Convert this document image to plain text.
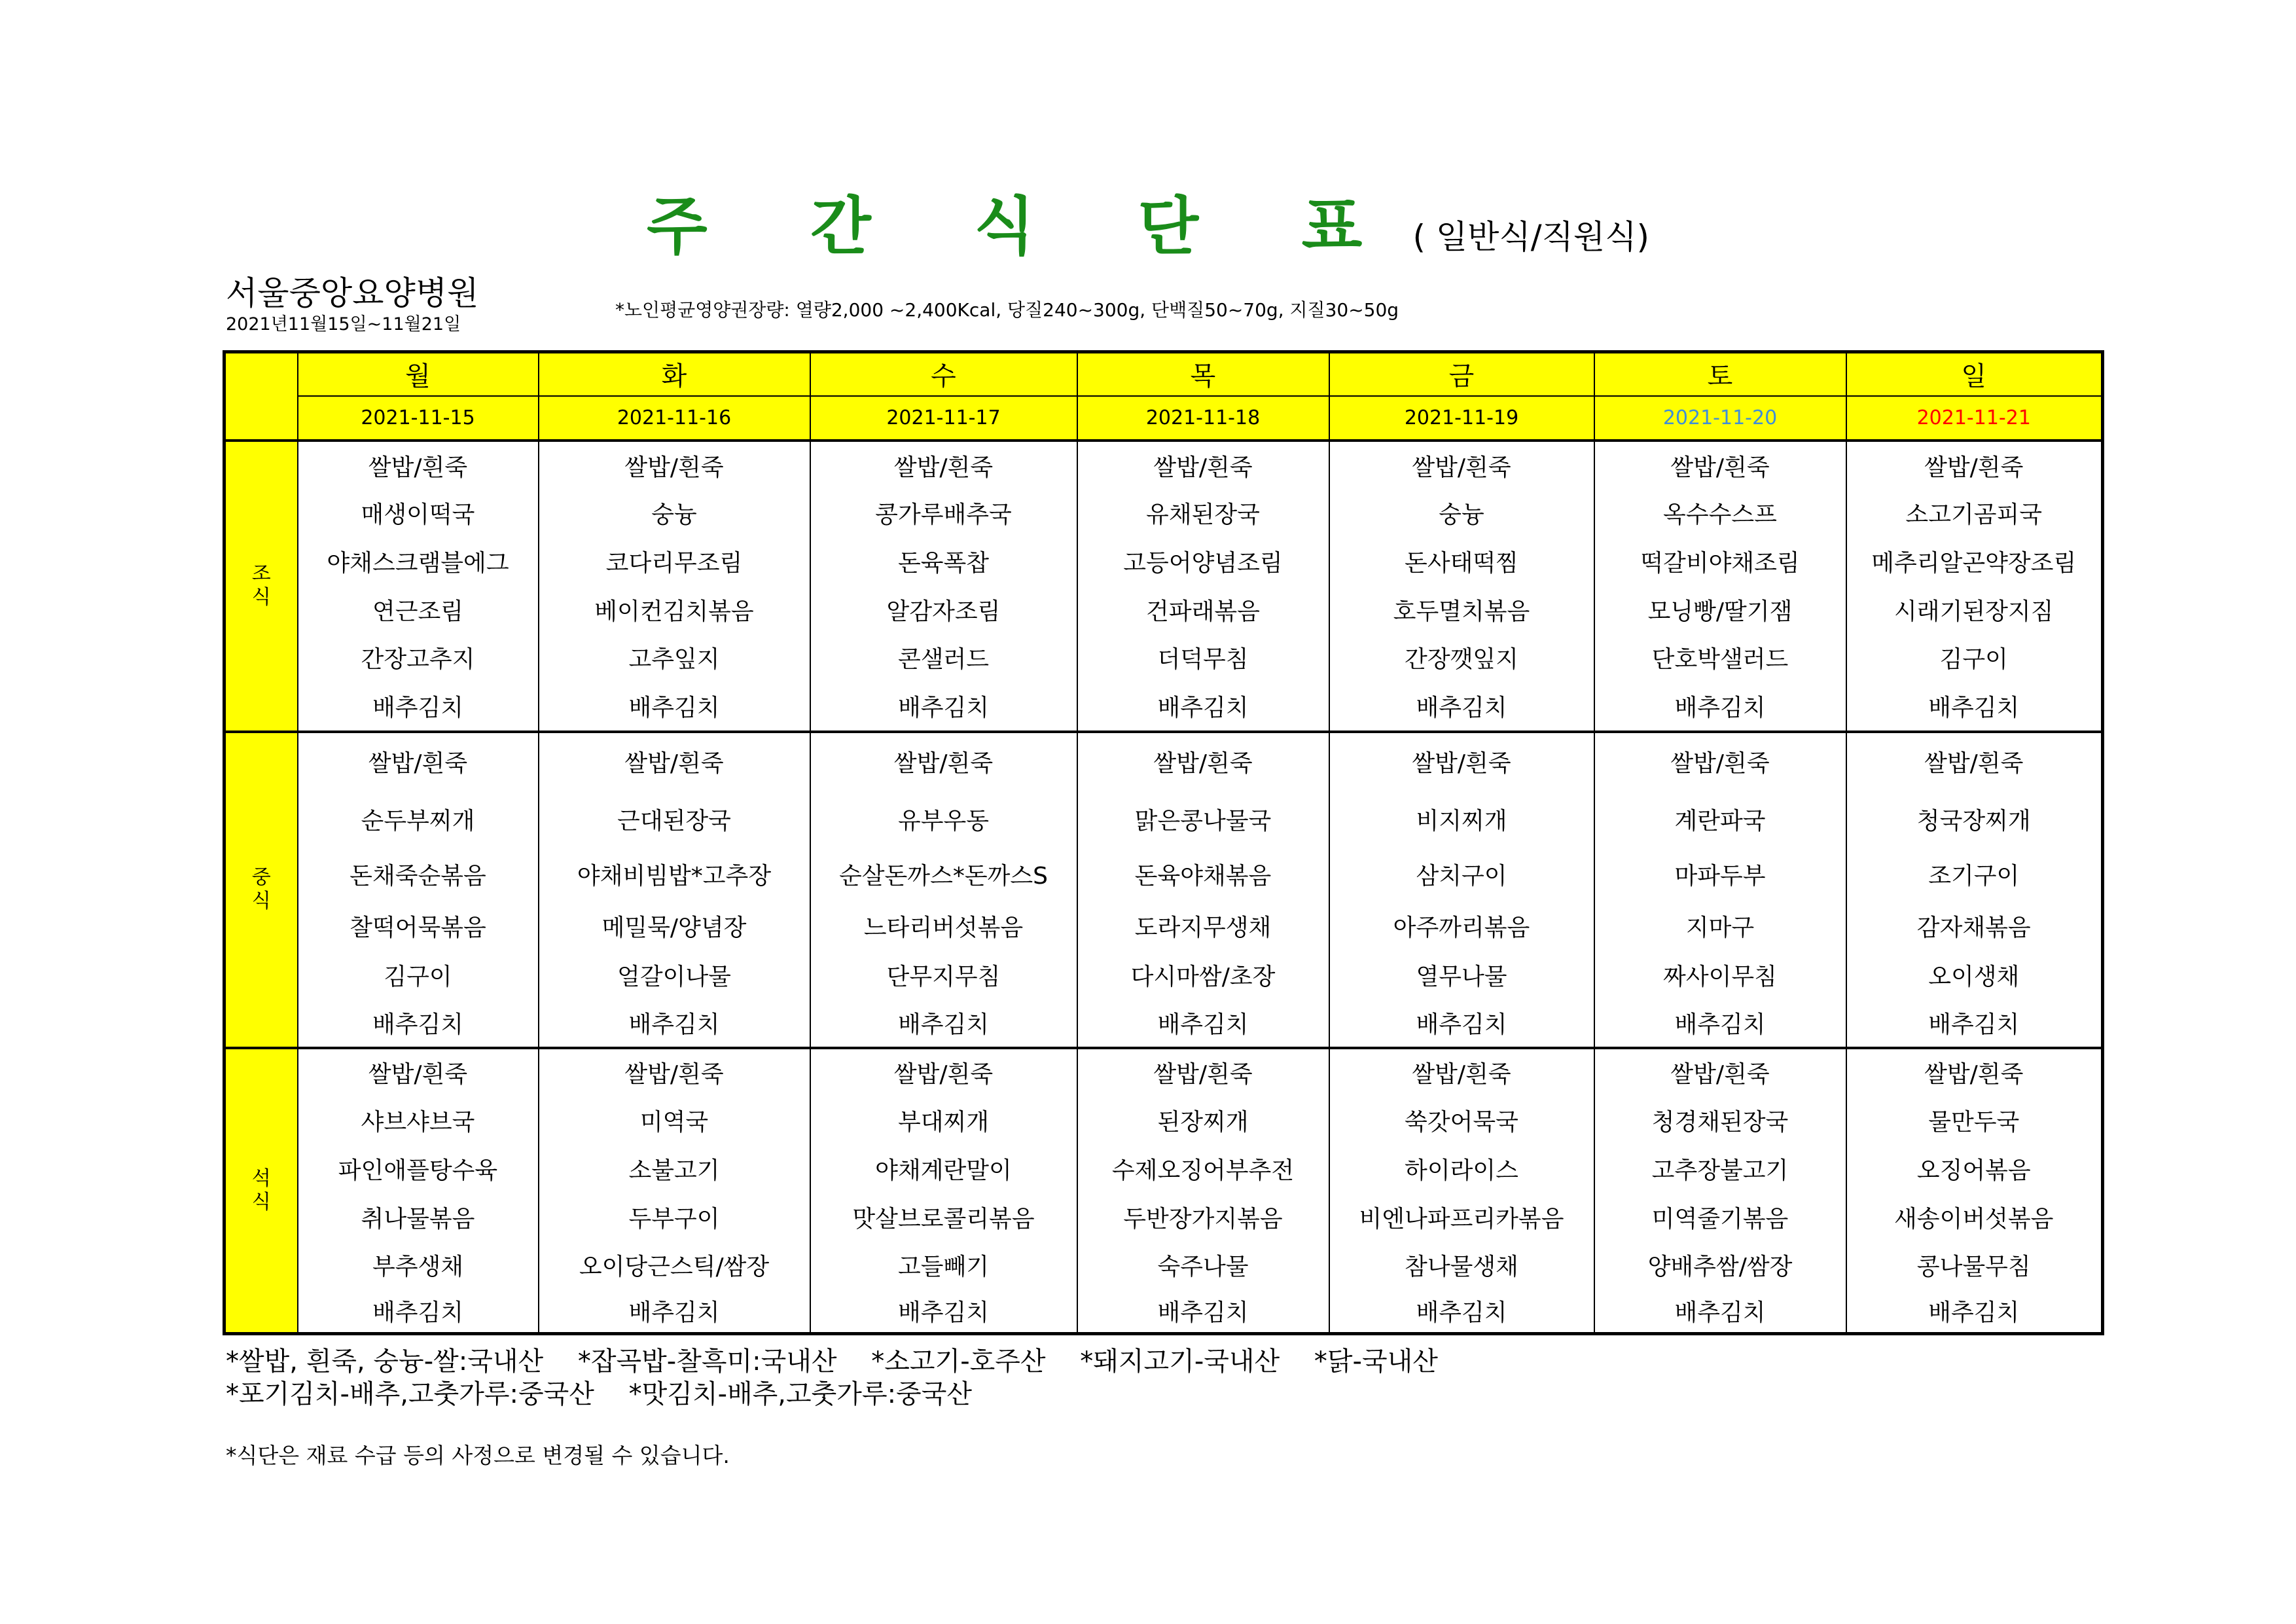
주 간 식 단 표 ( 일반식/직원식)
서울중앙요양병원
2021년11월15일~11월21일
*노인평균영양권장량: 열량2,000 ~2,400Kcal, 당질240~300g, 단백질50~70g, 지질30~50g
	월	화	수	목	금	토	일
	2021-11-15	2021-11-16	2021-11-17	2021-11-18	2021-11-19	2021-11-20	2021-11-21

조
식	쌀밥/흰죽	쌀밥/흰죽	쌀밥/흰죽	쌀밥/흰죽	쌀밥/흰죽	쌀밥/흰죽	쌀밥/흰죽
	매생이떡국	숭늉	콩가루배추국	유채된장국	숭늉	옥수수스프	소고기곰피국
	야채스크램블에그	코다리무조림	돈육폭찹	고등어양념조림	돈사태떡찜	떡갈비야채조림	메추리알곤약장조림
	연근조림	베이컨김치볶음	알감자조림	건파래볶음	호두멸치볶음	모닝빵/딸기잼	시래기된장지짐
	간장고추지	고추잎지	콘샐러드	더덕무침	간장깻잎지	단호박샐러드	김구이
	배추김치	배추김치	배추김치	배추김치	배추김치	배추김치	배추김치

중
식	쌀밥/흰죽	쌀밥/흰죽	쌀밥/흰죽	쌀밥/흰죽	쌀밥/흰죽	쌀밥/흰죽	쌀밥/흰죽
	순두부찌개	근대된장국	유부우동	맑은콩나물국	비지찌개	계란파국	청국장찌개
	돈채죽순볶음	야채비빔밥*고추장	순살돈까스*돈까스S	돈육야채볶음	삼치구이	마파두부	조기구이
	찰떡어묵볶음	메밀묵/양념장	느타리버섯볶음	도라지무생채	아주까리볶음	지마구	감자채볶음
	김구이	얼갈이나물	단무지무침	다시마쌈/초장	열무나물	짜사이무침	오이생채
	배추김치	배추김치	배추김치	배추김치	배추김치	배추김치	배추김치

석
식	쌀밥/흰죽	쌀밥/흰죽	쌀밥/흰죽	쌀밥/흰죽	쌀밥/흰죽	쌀밥/흰죽	쌀밥/흰죽
	샤브샤브국	미역국	부대찌개	된장찌개	쑥갓어묵국	청경채된장국	물만두국
	파인애플탕수육	소불고기	야채계란말이	수제오징어부추전	하이라이스	고추장불고기	오징어볶음
	취나물볶음	두부구이	맛살브로콜리볶음	두반장가지볶음	비엔나파프리카볶음	미역줄기볶음	새송이버섯볶음
	부추생채	오이당근스틱/쌈장	고들빼기	숙주나물	참나물생채	양배추쌈/쌈장	콩나물무침
	배추김치	배추김치	배추김치	배추김치	배추김치	배추김치	배추김치
*쌀밥, 흰죽, 숭늉-쌀:국내산 *잡곡밥-찰흑미:국내산 *소고기-호주산 *돼지고기-국내산 *닭-국내산
*포기김치-배추,고춧가루:중국산 *맛김치-배추,고춧가루:중국산
*식단은 재료 수급 등의 사정으로 변경될 수 있습니다.
